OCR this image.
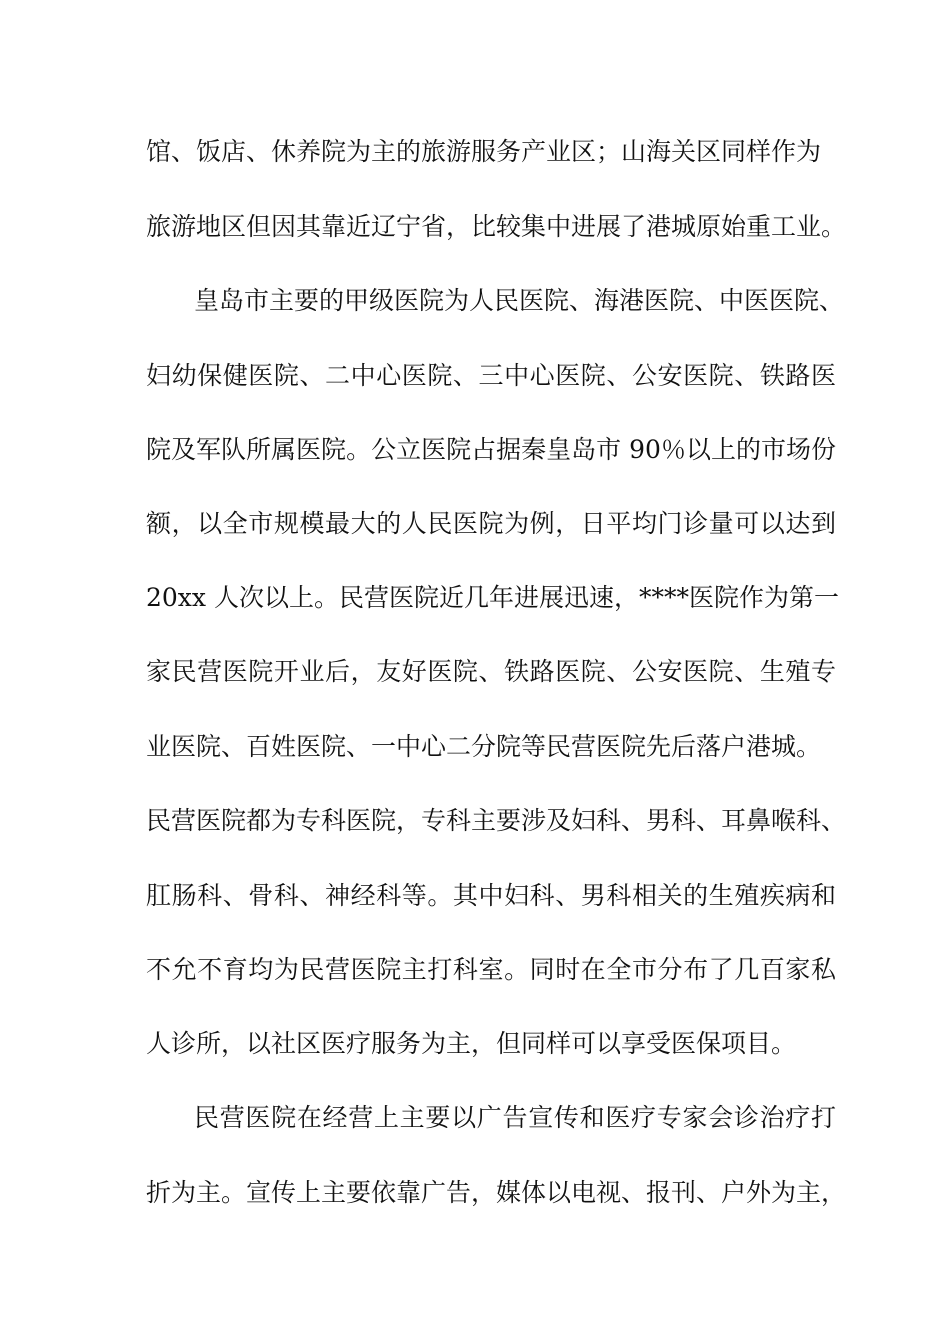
馆、饭店、休养院为主的旅游服务产业区；山海关区同样作为
旅游地区但因其靠近辽宁省，比较集中进展了港城原始重工业。
皇岛市主要的甲级医院为人民医院、海港医院、中医医院、
妇幼保健医院、二中心医院、三中心医院、公安医院、铁路医
院及军队所属医院。公立医院占据秦皇岛市 90％以上的市场份
额，以全市规模最大的人民医院为例，日平均门诊量可以达到
20xx 人次以上。民营医院近几年进展迅速，****医院作为第一
家民营医院开业后，友好医院、铁路医院、公安医院、生殖专
业医院、百姓医院、一中心二分院等民营医院先后落户港城。
民营医院都为专科医院，专科主要涉及妇科、男科、耳鼻喉科、
肛肠科、骨科、神经科等。其中妇科、男科相关的生殖疾病和
不允不育均为民营医院主打科室。同时在全市分布了几百家私
人诊所，以社区医疗服务为主，但同样可以享受医保项目。
民营医院在经营上主要以广告宣传和医疗专家会诊治疗打
折为主。宣传上主要依靠广告，媒体以电视、报刊、户外为主，
